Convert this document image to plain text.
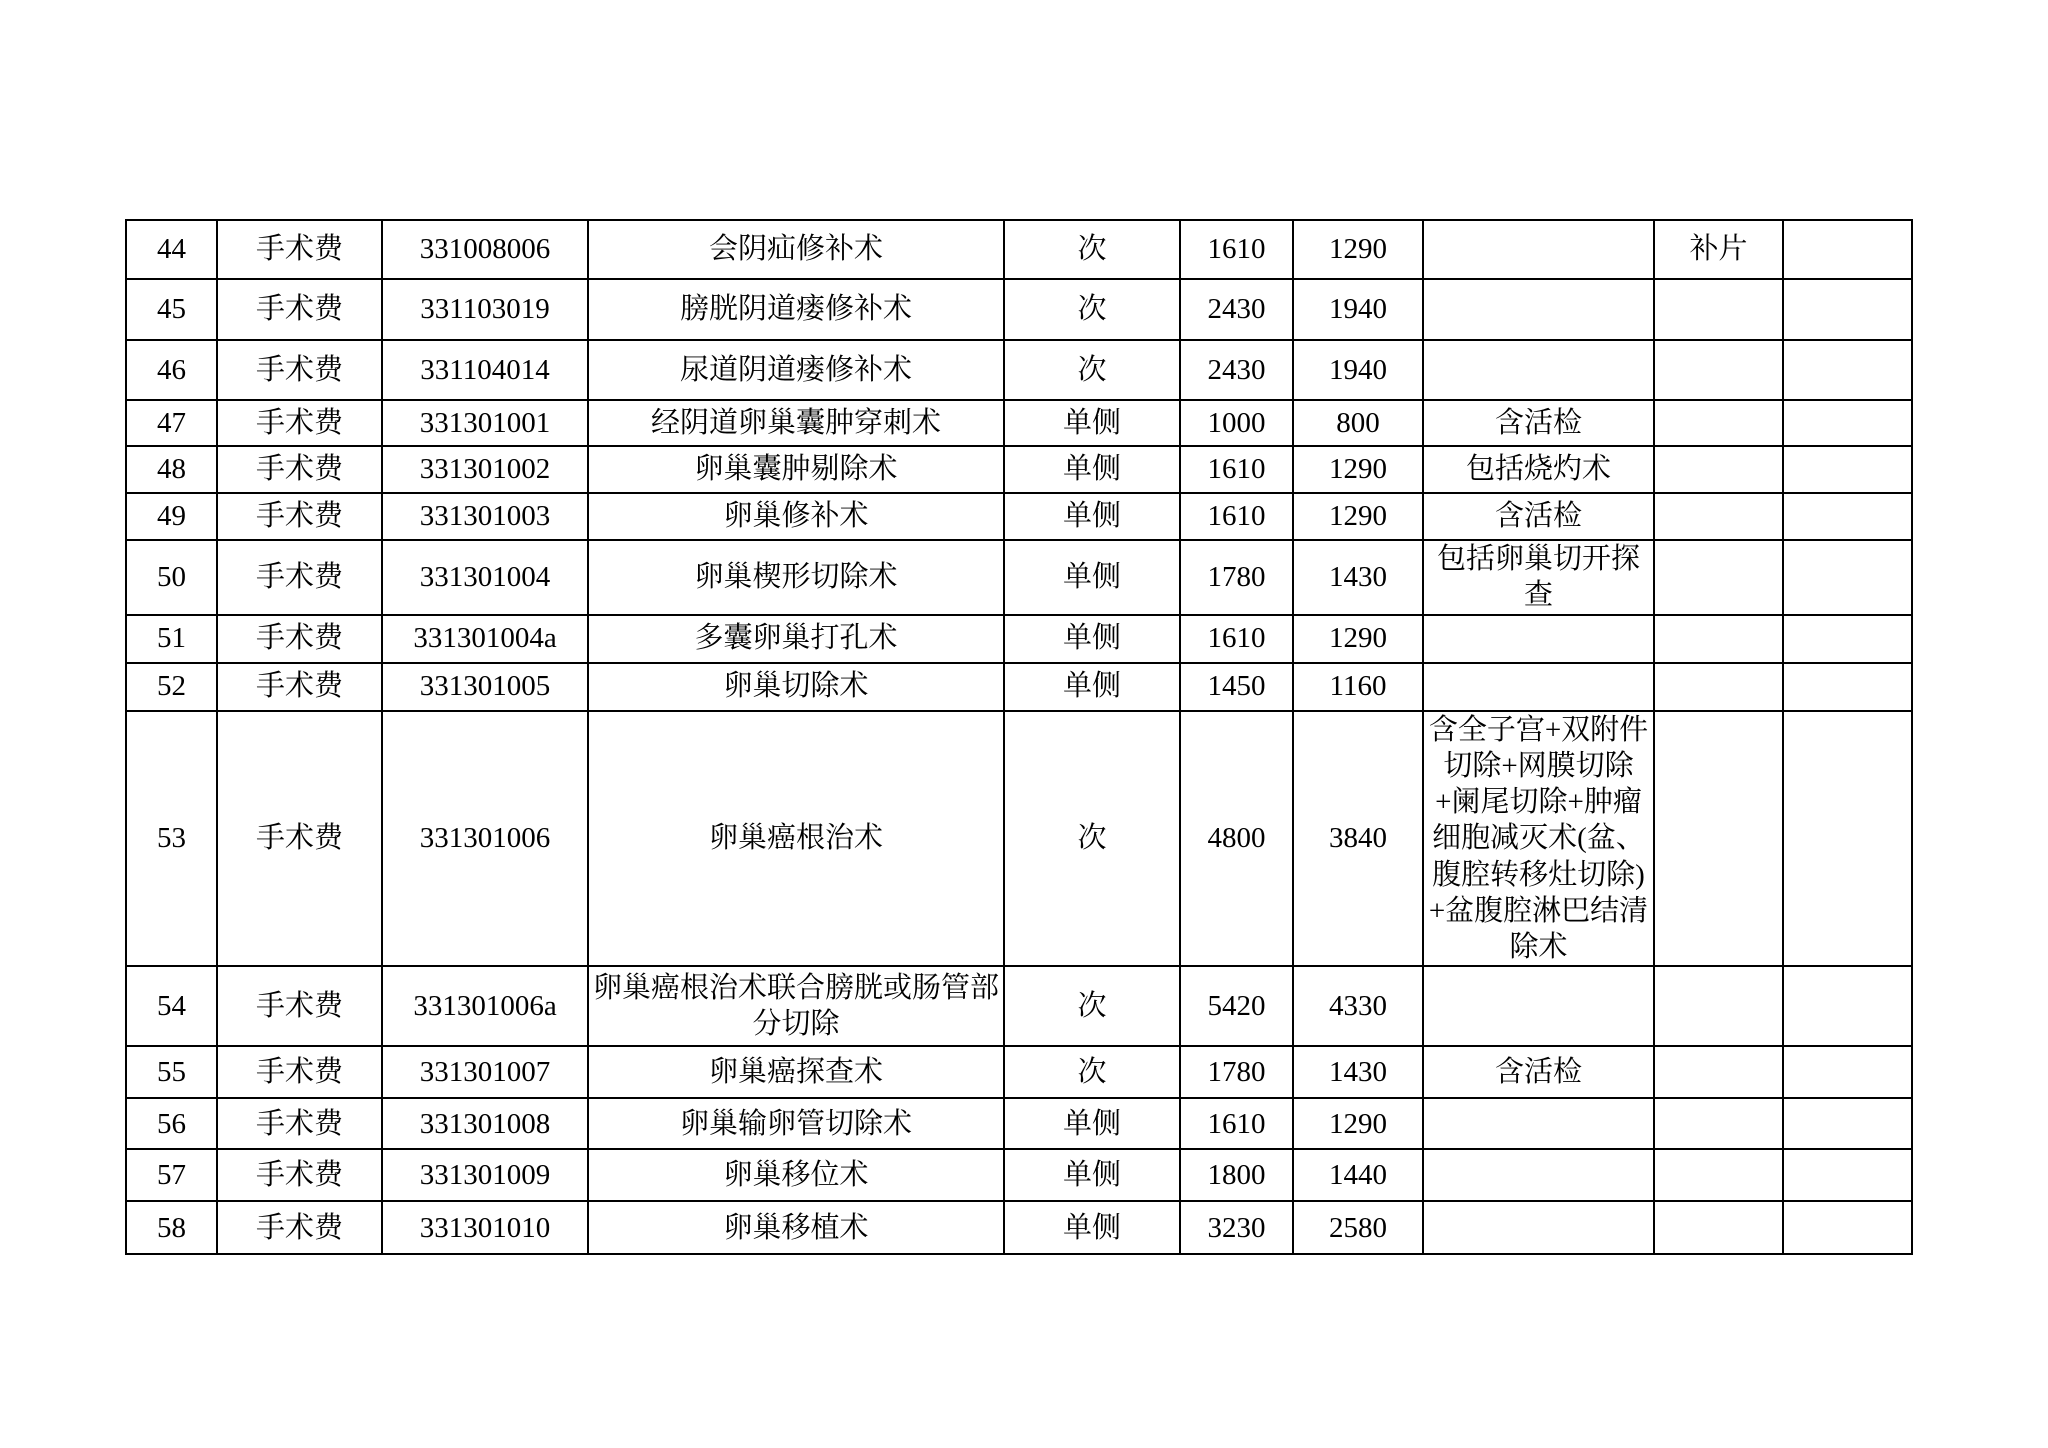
44	手术费	331008006	会阴疝修补术	次	1610	1290		补片	
45	手术费	331103019	膀胱阴道瘘修补术	次	2430	1940			
46	手术费	331104014	尿道阴道瘘修补术	次	2430	1940			
47	手术费	331301001	经阴道卵巢囊肿穿刺术	单侧	1000	800	含活检		
48	手术费	331301002	卵巢囊肿剔除术	单侧	1610	1290	包括烧灼术		
49	手术费	331301003	卵巢修补术	单侧	1610	1290	含活检		
50	手术费	331301004	卵巢楔形切除术	单侧	1780	1430	包括卵巢切开探查		
51	手术费	331301004a	多囊卵巢打孔术	单侧	1610	1290			
52	手术费	331301005	卵巢切除术	单侧	1450	1160			
53	手术费	331301006	卵巢癌根治术	次	4800	3840	含全子宫+双附件切除+网膜切除+阑尾切除+肿瘤细胞减灭术(盆、腹腔转移灶切除)+盆腹腔淋巴结清除术		
54	手术费	331301006a	卵巢癌根治术联合膀胱或肠管部分切除	次	5420	4330			
55	手术费	331301007	卵巢癌探查术	次	1780	1430	含活检		
56	手术费	331301008	卵巢输卵管切除术	单侧	1610	1290			
57	手术费	331301009	卵巢移位术	单侧	1800	1440			
58	手术费	331301010	卵巢移植术	单侧	3230	2580			
